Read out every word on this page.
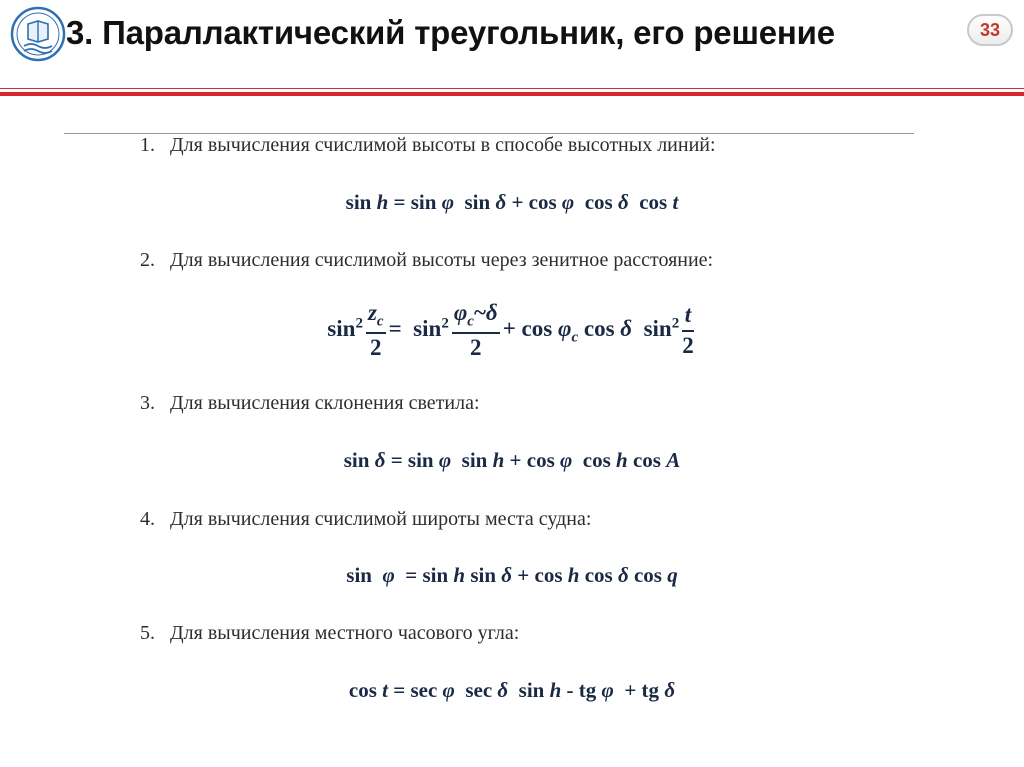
3. Параллактический треугольник, его решение	33
1. Для вычисления счислимой высоты в способе высотных линий:
sin h = sin φ  sin δ + cos φ  cos δ  cos t
2. Для вычисления счислимой высоты через зенитное расстояние:
$\sin^2 \frac{z_c}{2} = \sin^2 \frac{\varphi_c\sim\delta}{2} + \cos \varphi_c$ cos δ  $\sin^2 \frac{t}{2}$
3. Для вычисления склонения светила:
sin δ = sin φ  sin h + cos φ  cos h cos A
4. Для вычисления счислимой широты места судна:
sin  φ  = sin h sin δ + cos h cos δ cos q
5. Для вычисления местного часового угла:
cos t = sec φ  sec δ  sin h - tg φ  + tg δ
